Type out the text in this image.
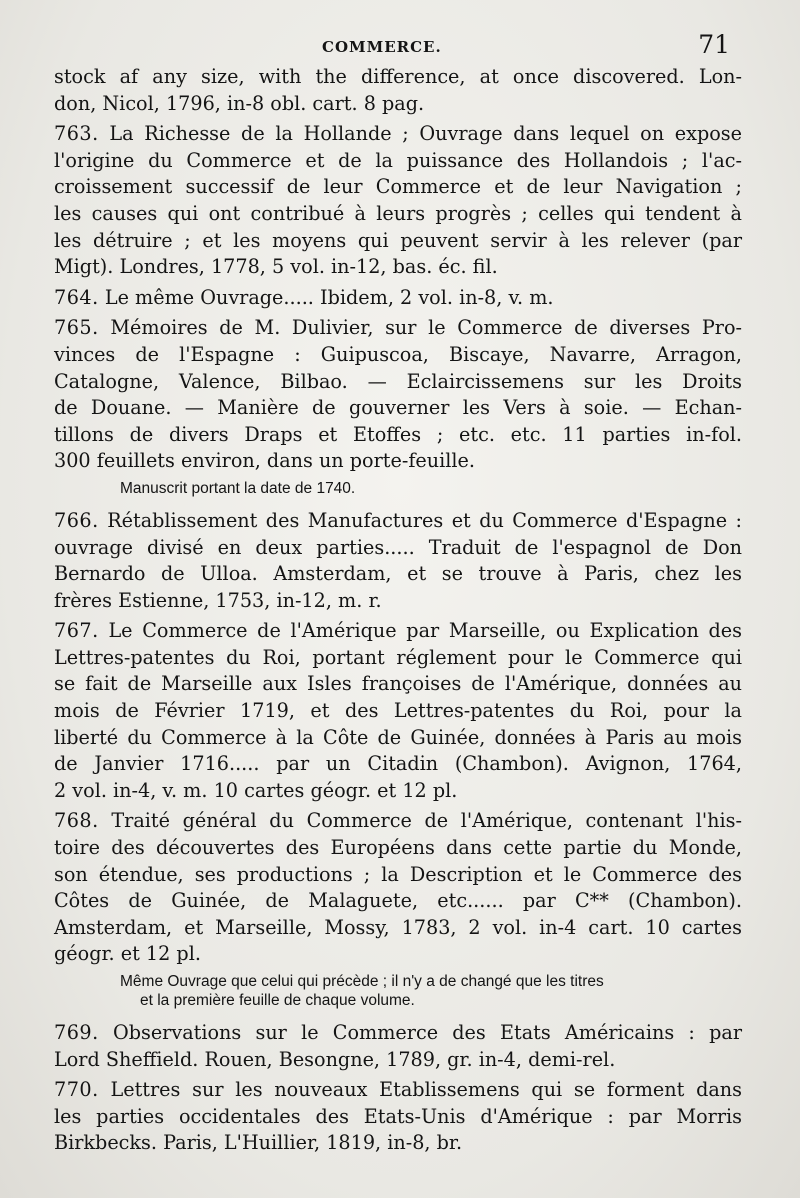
COMMERCE.	71
stock af any size, with the difference, at once discovered. Lon-
don, Nicol, 1796, in-8 obl. cart. 8 pag.
763. La Richesse de la Hollande ; Ouvrage dans lequel on expose
l'origine du Commerce et de la puissance des Hollandois ; l'ac-
croissement successif de leur Commerce et de leur Navigation ;
les causes qui ont contribué à leurs progrès ; celles qui tendent à
les détruire ; et les moyens qui peuvent servir à les relever (par
Migt). Londres, 1778, 5 vol. in-12, bas. éc. fil.
764. Le même Ouvrage..... Ibidem, 2 vol. in-8, v. m.
765. Mémoires de M. Dulivier, sur le Commerce de diverses Pro-
vinces de l'Espagne : Guipuscoa, Biscaye, Navarre, Arragon,
Catalogne, Valence, Bilbao. — Eclaircissemens sur les Droits
de Douane. — Manière de gouverner les Vers à soie. — Echan-
tillons de divers Draps et Etoffes ; etc. etc. 11 parties in-fol.
300 feuillets environ, dans un porte-feuille.
Manuscrit portant la date de 1740.
766. Rétablissement des Manufactures et du Commerce d'Espagne :
ouvrage divisé en deux parties..... Traduit de l'espagnol de Don
Bernardo de Ulloa. Amsterdam, et se trouve à Paris, chez les
frères Estienne, 1753, in-12, m. r.
767. Le Commerce de l'Amérique par Marseille, ou Explication des
Lettres-patentes du Roi, portant réglement pour le Commerce qui
se fait de Marseille aux Isles françoises de l'Amérique, données au
mois de Février 1719, et des Lettres-patentes du Roi, pour la
liberté du Commerce à la Côte de Guinée, données à Paris au mois
de Janvier 1716..... par un Citadin (Chambon). Avignon, 1764,
2 vol. in-4, v. m. 10 cartes géogr. et 12 pl.
768. Traité général du Commerce de l'Amérique, contenant l'his-
toire des découvertes des Européens dans cette partie du Monde,
son étendue, ses productions ; la Description et le Commerce des
Côtes de Guinée, de Malaguete, etc...... par C** (Chambon).
Amsterdam, et Marseille, Mossy, 1783, 2 vol. in-4 cart. 10 cartes
géogr. et 12 pl.
Même Ouvrage que celui qui précède ; il n'y a de changé que les titres
et la première feuille de chaque volume.
769. Observations sur le Commerce des Etats Américains : par
Lord Sheffield. Rouen, Besongne, 1789, gr. in-4, demi-rel.
770. Lettres sur les nouveaux Etablissemens qui se forment dans
les parties occidentales des Etats-Unis d'Amérique : par Morris
Birkbecks. Paris, L'Huillier, 1819, in-8, br.
